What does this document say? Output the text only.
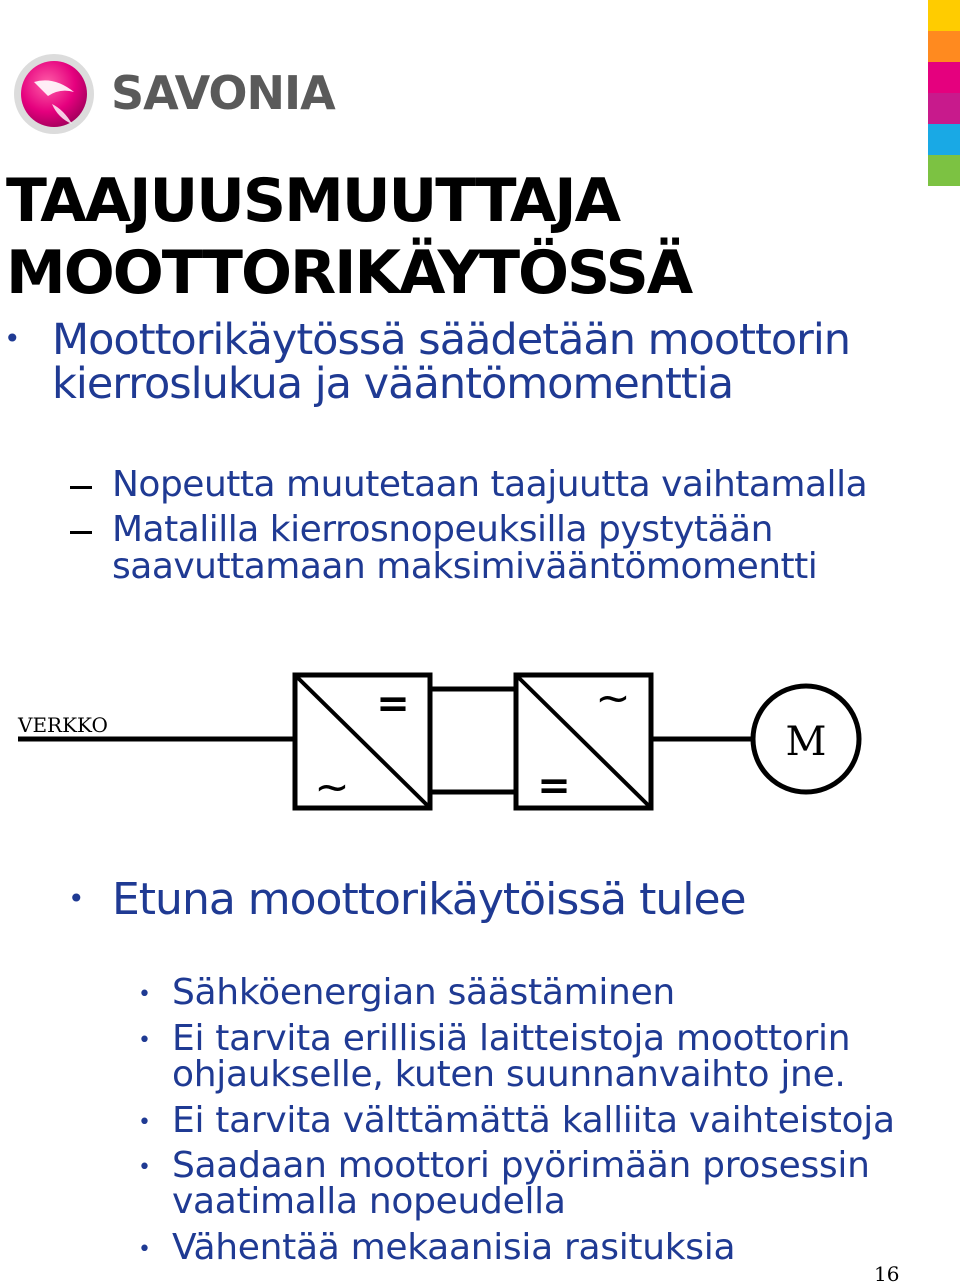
SAVONIA
TAAJUUSMUUTTAJA
MOOTTORIKÄYTÖSSÄ
• Moottorikäytössä säädetään moottorin
kierroslukua ja vääntömomenttia
Nopeutta muutetaan taajuutta vaihtamalla
Matalilla kierrosnopeuksilla pystytään
saavuttamaan maksimivääntömomentti
VERKKO	=
~
~
=
M
• Etuna moottorikäytöissä tulee
• Sähköenergian säästäminen
• Ei tarvita erillisiä laitteistoja moottorin
ohjaukselle, kuten suunnanvaihto jne.
• Ei tarvita välttämättä kalliita vaihteistoja
• Saadaan moottori pyörimään prosessin
vaatimalla nopeudella
• Vähentää mekaanisia rasituksia
16
